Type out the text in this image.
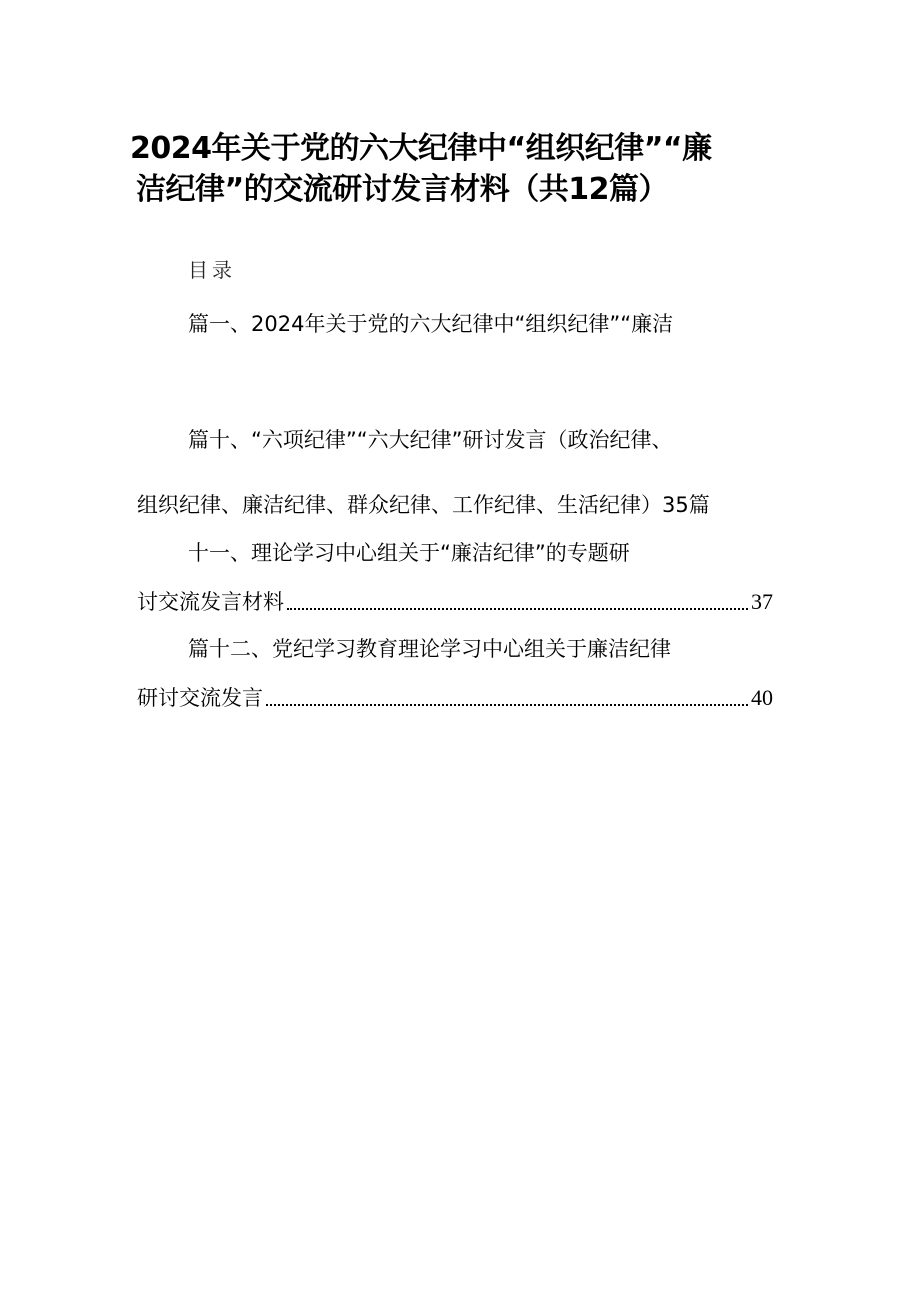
2024年关于党的六大纪律中“组织纪律”“廉
洁纪律”的交流研讨发言材料（共12篇）
目录
篇一、2024年关于党的六大纪律中“组织纪律”“廉洁
篇十、“六项纪律”“六大纪律”研讨发言（政治纪律、
组织纪律、廉洁纪律、群众纪律、工作纪律、生活纪律）35篇
十一、理论学习中心组关于“廉洁纪律”的专题研
讨交流发言材料	37
篇十二、党纪学习教育理论学习中心组关于廉洁纪律
研讨交流发言	40
